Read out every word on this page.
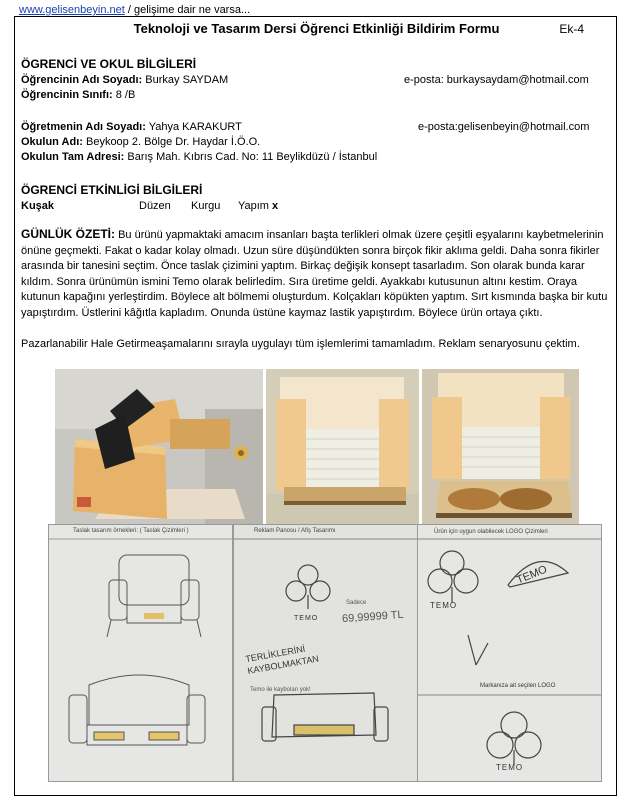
www.gelisenbeyin.net / gelişime dair ne varsa...
Teknoloji ve Tasarım Dersi Öğrenci Etkinliği Bildirim Formu	Ek-4
ÖGRENCİ VE OKUL BİLGİLERİ
Öğrencinin Adı Soyadı: Burkay SAYDAM	e-posta: burkaysaydam@hotmail.com
Öğrencinin Sınıfı: 8 /B
Öğretmenin Adı Soyadı: Yahya KARAKURT	e-posta:gelisenbeyin@hotmail.com
Okulun Adı: Beykoop 2. Bölge Dr. Haydar İ.Ö.O.
Okulun Tam Adresi: Barış Mah. Kıbrıs Cad. No: 11 Beylikdüzü / İstanbul
ÖGRENCİ ETKİNLİGİ BİLGİLERİ
Kuşak	Düzen Kurgu Yapım x
GÜNLÜK ÖZETİ: Bu ürünü yapmaktaki amacım insanları başta terlikleri olmak üzere çeşitli eşyalarını kaybetmelerinin önüne geçmekti. Fakat o kadar kolay olmadı. Uzun süre düşündükten sonra birçok fikir aklıma geldi. Daha sonra fikirler arasında bir tanesini seçtim. Önce taslak çizimini yaptım. Birkaç değişik konsept tasarladım. Son olarak bunda karar kıldım. Sonra ürünümün ismini Temo olarak belirledim. Sıra üretime geldi. Ayakkabı kutusunun altını kestim. Oraya kutunun kapağını yerleştirdim. Böylece alt bölmemi oluşturdum. Kolçakları köpükten yaptım. Sırt kısmında başka bir kutu yapıştırdım. Üstlerini kâğıtla kapladım. Onunda üstüne kaymaz lastik yapıştırdım. Böylece ürün ortaya çıktı.
Pazarlanabilir Hale Getirmeaşamalarını sırayla uygulayı tüm işlemlerimi tamamladım. Reklam senaryosunu çektim.
Taslak tasarım örnekleri: ( Taslak Çizimleri )	Reklam Panosu / Afiş Tasarımı
TEMO
Sadece
69,99999 TL
TERLİKLERİNİ KAYBOLMAKTAN
Temo ile kaybolan yok!
Ürün için uygun olabilecek LOGO Çizimleri
TEMO
TEMO
Markanıza ait seçilen LOGO
TEMO
